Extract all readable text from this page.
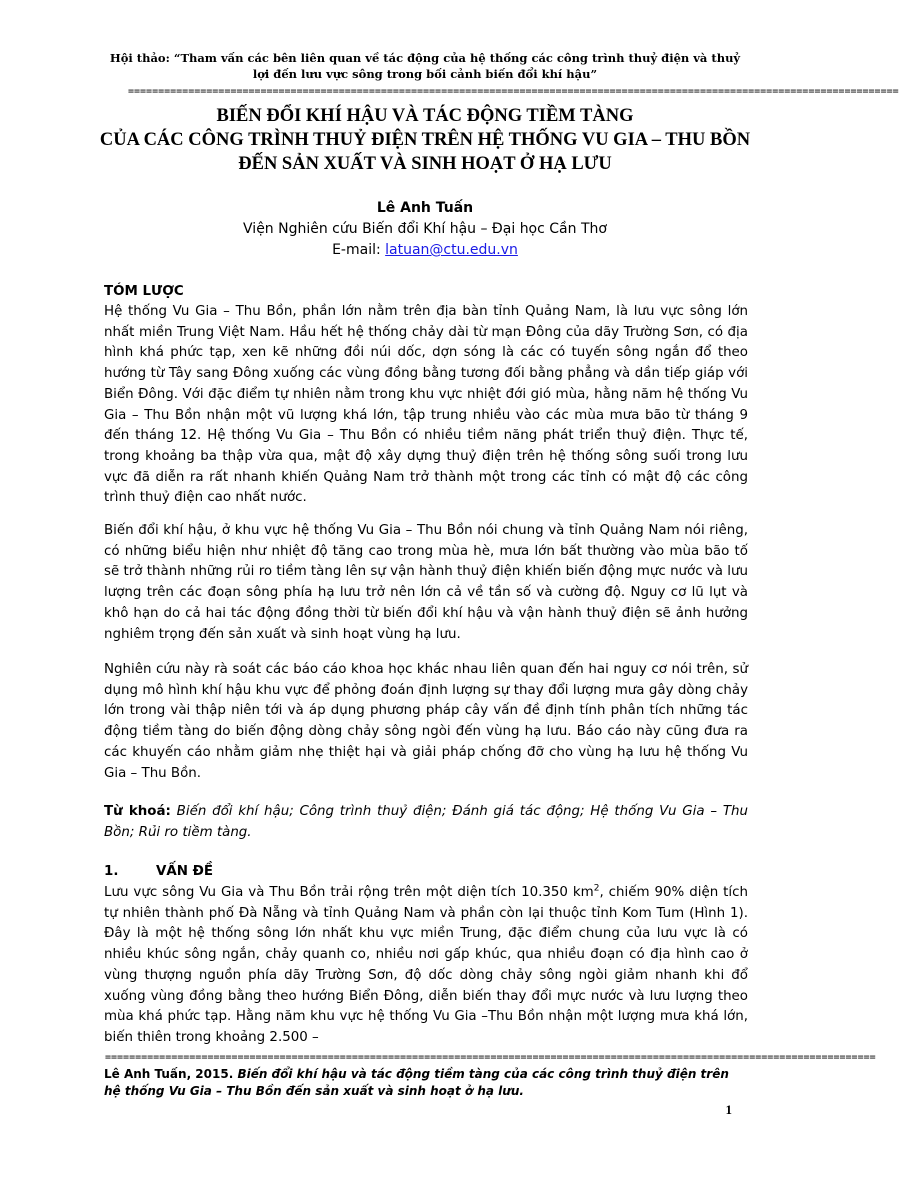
Hội thảo: “Tham vấn các bên liên quan về tác động của hệ thống các công trình thuỷ điện và thuỷ
lợi đến lưu vực sông trong bối cảnh biến đổi khí hậu”
================================================================================================================================
BIẾN ĐỔI KHÍ HẬU VÀ TÁC ĐỘNG TIỀM TÀNG
CỦA CÁC CÔNG TRÌNH THUỶ ĐIỆN TRÊN HỆ THỐNG VU GIA – THU BỒN
ĐẾN SẢN XUẤT VÀ SINH HOẠT Ở HẠ LƯU
Lê Anh Tuấn
Viện Nghiên cứu Biến đổi Khí hậu – Đại học Cần Thơ
E-mail: latuan@ctu.edu.vn
TÓM LƯỢC
Hệ thống Vu Gia – Thu Bồn, phần lớn nằm trên địa bàn tỉnh Quảng Nam, là lưu vực sông lớn nhất miền Trung Việt Nam. Hầu hết hệ thống chảy dài từ mạn Đông của dãy Trường Sơn, có địa hình khá phức tạp, xen kẽ những đồi núi dốc, dợn sóng là các có tuyến sông ngắn đổ theo hướng từ Tây sang Đông xuống các vùng đồng bằng tương đối bằng phẳng và dần tiếp giáp với Biển Đông. Với đặc điểm tự nhiên nằm trong khu vực nhiệt đới gió mùa, hằng năm hệ thống Vu Gia – Thu Bồn nhận một vũ lượng khá lớn, tập trung nhiều vào các mùa mưa bão từ tháng 9 đến tháng 12. Hệ thống Vu Gia – Thu Bồn có nhiều tiềm năng phát triển thuỷ điện. Thực tế, trong khoảng ba thập vừa qua, mật độ xây dựng thuỷ điện trên hệ thống sông suối trong lưu vực đã diễn ra rất nhanh khiến Quảng Nam trở thành một trong các tỉnh có mật độ các công trình thuỷ điện cao nhất nước.
Biến đổi khí hậu, ở khu vực hệ thống Vu Gia – Thu Bồn nói chung và tỉnh Quảng Nam nói riêng, có những biểu hiện như nhiệt độ tăng cao trong mùa hè, mưa lớn bất thường vào mùa bão tố sẽ trở thành những rủi ro tiềm tàng lên sự vận hành thuỷ điện khiến biến động mực nước và lưu lượng trên các đoạn sông phía hạ lưu trở nên lớn cả về tần số và cường độ. Nguy cơ lũ lụt và khô hạn do cả hai tác động đồng thời từ biến đổi khí hậu và vận hành thuỷ điện sẽ ảnh hưởng nghiêm trọng đến sản xuất và sinh hoạt vùng hạ lưu.
Nghiên cứu này rà soát các báo cáo khoa học khác nhau liên quan đến hai nguy cơ nói trên, sử dụng mô hình khí hậu khu vực để phỏng đoán định lượng sự thay đổi lượng mưa gây dòng chảy lớn trong vài thập niên tới và áp dụng phương pháp cây vấn đề định tính phân tích những tác động tiềm tàng do biến động dòng chảy sông ngòi đến vùng hạ lưu. Báo cáo này cũng đưa ra các khuyến cáo nhằm giảm nhẹ thiệt hại và giải pháp chống đỡ cho vùng hạ lưu hệ thống Vu Gia – Thu Bồn.
Từ khoá: Biến đổi khí hậu; Công trình thuỷ điện; Đánh giá tác động; Hệ thống Vu Gia – Thu Bồn; Rủi ro tiềm tàng.
1.	VẤN ĐỀ
Lưu vực sông Vu Gia và Thu Bồn trải rộng trên một diện tích 10.350 $km^2$, chiếm 90% diện tích tự nhiên thành phố Đà Nẵng và tỉnh Quảng Nam và phần còn lại thuộc tỉnh Kom Tum (Hình 1). Đây là một hệ thống sông lớn nhất khu vực miền Trung, đặc điểm chung của lưu vực là có nhiều khúc sông ngắn, chảy quanh co, nhiều nơi gấp khúc, qua nhiều đoạn có địa hình cao ở vùng thượng nguồn phía dãy Trường Sơn, độ dốc dòng chảy sông ngòi giảm nhanh khi đổ xuống vùng đồng bằng theo hướng Biển Đông, diễn biến thay đổi mực nước và lưu lượng theo mùa khá phức tạp. Hằng năm khu vực hệ thống Vu Gia –Thu Bồn nhận một lượng mưa khá lớn, biến thiên trong khoảng 2.500 –
================================================================================================================================
Lê Anh Tuấn, 2015. Biến đổi khí hậu và tác động tiềm tàng của các công trình thuỷ điện trên hệ thống Vu Gia – Thu Bồn đến sản xuất và sinh hoạt ở hạ lưu.
1
